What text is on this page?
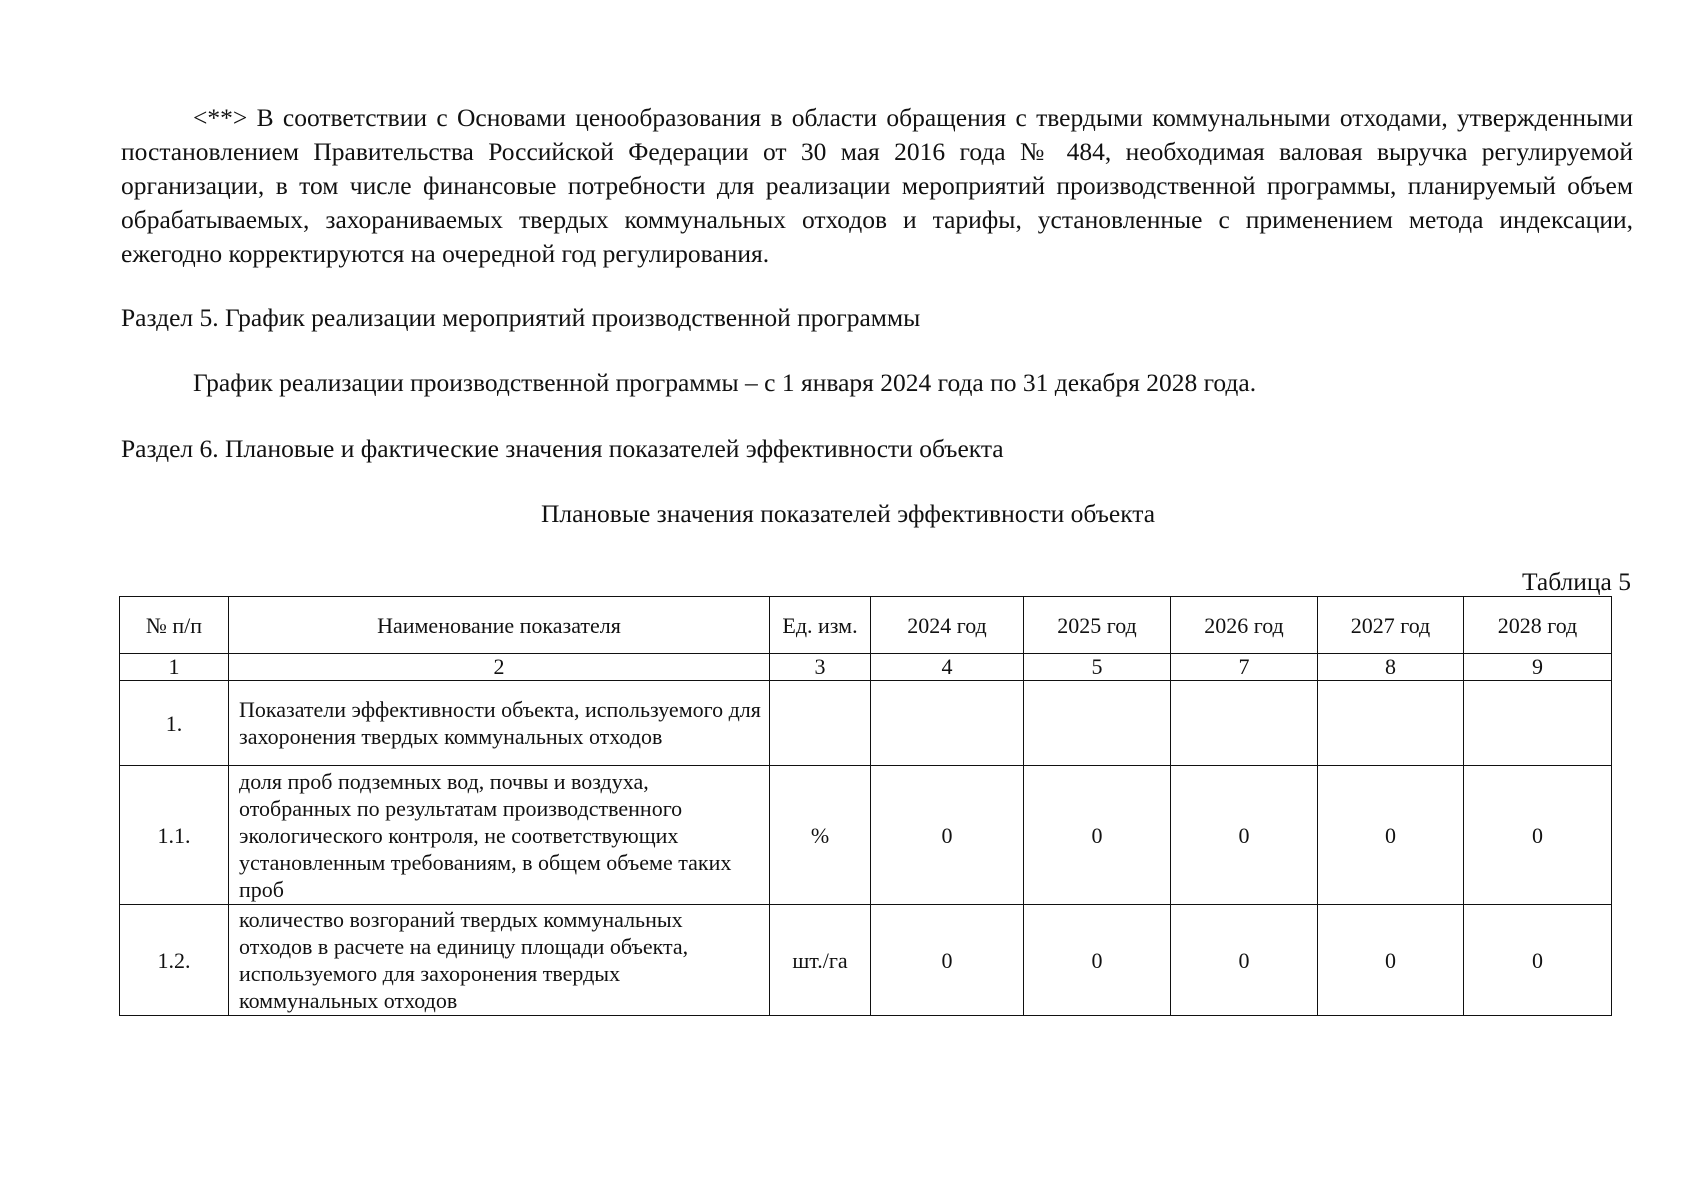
<**> В соответствии с Основами ценообразования в области обращения с твердыми коммунальными отходами, утвержденными постановлением Правительства Российской Федерации от 30 мая 2016 года № 484, необходимая валовая выручка регулируемой организации, в том числе финансовые потребности для реализации мероприятий производственной программы, планируемый объем обрабатываемых, захораниваемых твердых коммунальных отходов и тарифы, установленные с применением метода индексации, ежегодно корректируются на очередной год регулирования.

Раздел 5. График реализации мероприятий производственной программы

График реализации производственной программы – с 1 января 2024 года по 31 декабря 2028 года.

Раздел 6. Плановые и фактические значения показателей эффективности объекта

Плановые значения показателей эффективности объекта

Таблица 5

№ п/п	Наименование показателя	Ед. изм.	2024 год	2025 год	2026 год	2027 год	2028 год
1	2	3	4	5	7	8	9
1.	Показатели эффективности объекта, используемого для захоронения твердых коммунальных отходов						
1.1.	доля проб подземных вод, почвы и воздуха, отобранных по результатам производственного экологического контроля, не соответствующих установленным требованиям, в общем объеме таких проб	%	0	0	0	0	0
1.2.	количество возгораний твердых коммунальных отходов в расчете на единицу площади объекта, используемого для захоронения твердых коммунальных отходов	шт./га	0	0	0	0	0
